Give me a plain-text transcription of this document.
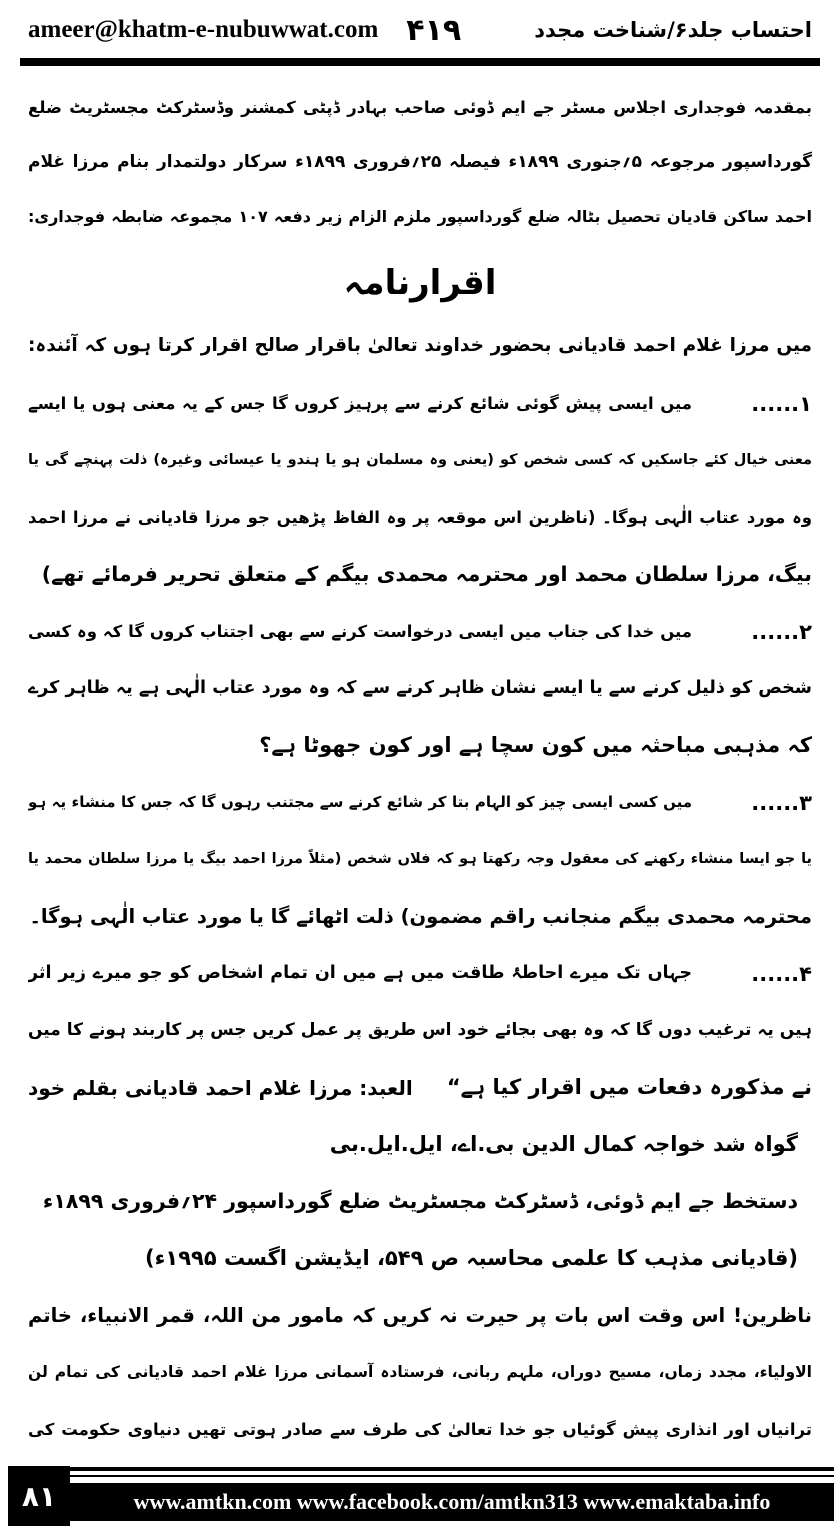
ameer@khatm-e-nubuwwat.com ۴۱۹	احتساب جلد۶/شناخت مجدد
بمقدمہ فوجداری اجلاس مسٹر جے ایم ڈوئی صاحب بہادر ڈپٹی کمشنر وڈسٹرکٹ مجسٹریٹ ضلع
گورداسپور مرجوعہ ۵؍جنوری ۱۸۹۹ء فیصلہ ۲۵؍فروری ۱۸۹۹ء سرکار دولتمدار بنام مرزا غلام
احمد ساکن قادیان تحصیل بٹالہ ضلع گورداسپور ملزم الزام زیر دفعہ ۱۰۷ مجموعہ ضابطہ فوجداری:
اقرارنامہ
میں مرزا غلام احمد قادیانی بحضور خداوند تعالیٰ باقرار صالح اقرار کرتا ہوں کہ آئندہ:
۱......
میں ایسی پیش گوئی شائع کرنے سے پرہیز کروں گا جس کے یہ معنی ہوں یا ایسے
معنی خیال کئے جاسکیں کہ کسی شخص کو (یعنی وہ مسلمان ہو یا ہندو یا عیسائی وغیرہ) ذلت پہنچے گی یا
وہ مورد عتاب الٰہی ہوگا۔ (ناظرین اس موقعہ پر وہ الفاظ پڑھیں جو مرزا قادیانی نے مرزا احمد
بیگ، مرزا سلطان محمد اور محترمہ محمدی بیگم کے متعلق تحریر فرمائے تھے)
۲......
میں خدا کی جناب میں ایسی درخواست کرنے سے بھی اجتناب کروں گا کہ وہ کسی
شخص کو ذلیل کرنے سے یا ایسے نشان ظاہر کرنے سے کہ وہ مورد عتاب الٰہی ہے یہ ظاہر کرے
کہ مذہبی مباحثہ میں کون سچا ہے اور کون جھوٹا ہے؟
۳......
میں کسی ایسی چیز کو الہام بتا کر شائع کرنے سے مجتنب رہوں گا کہ جس کا منشاء یہ ہو
یا جو ایسا منشاء رکھنے کی معقول وجہ رکھتا ہو کہ فلاں شخص (مثلاً مرزا احمد بیگ یا مرزا سلطان محمد یا
محترمہ محمدی بیگم منجانب راقم مضمون) ذلت اٹھائے گا یا مورد عتاب الٰہی ہوگا۔
۴......
جہاں تک میرے احاطۂ طاقت میں ہے میں ان تمام اشخاص کو جو میرے زیر اثر
ہیں یہ ترغیب دوں گا کہ وہ بھی بجائے خود اس طریق پر عمل کریں جس پر کاربند ہونے کا میں
نے مذکورہ دفعات میں اقرار کیا ہے“
العبد: مرزا غلام احمد قادیانی بقلم خود
گواہ شد خواجہ کمال الدین بی.اے، ایل.ایل.بی
دستخط جے ایم ڈوئی، ڈسٹرکٹ مجسٹریٹ ضلع گورداسپور ۲۴؍فروری ۱۸۹۹ء
(قادیانی مذہب کا علمی محاسبہ ص ۵۴۹، ایڈیشن اگست ۱۹۹۵ء)
ناظرین! اس وقت اس بات پر حیرت نہ کریں کہ مامور من اللہ، قمر الانبیاء، خاتم
الاولیاء، مجدد زماں، مسیح دوراں، ملہم ربانی، فرستادہ آسمانی مرزا غلام احمد قادیانی کی تمام لن
ترانیاں اور انذاری پیش گوئیاں جو خدا تعالیٰ کی طرف سے صادر ہوتی تھیں دنیاوی حکومت کی
۸۱	www.amtkn.com www.facebook.com/amtkn313 www.emaktaba.info
